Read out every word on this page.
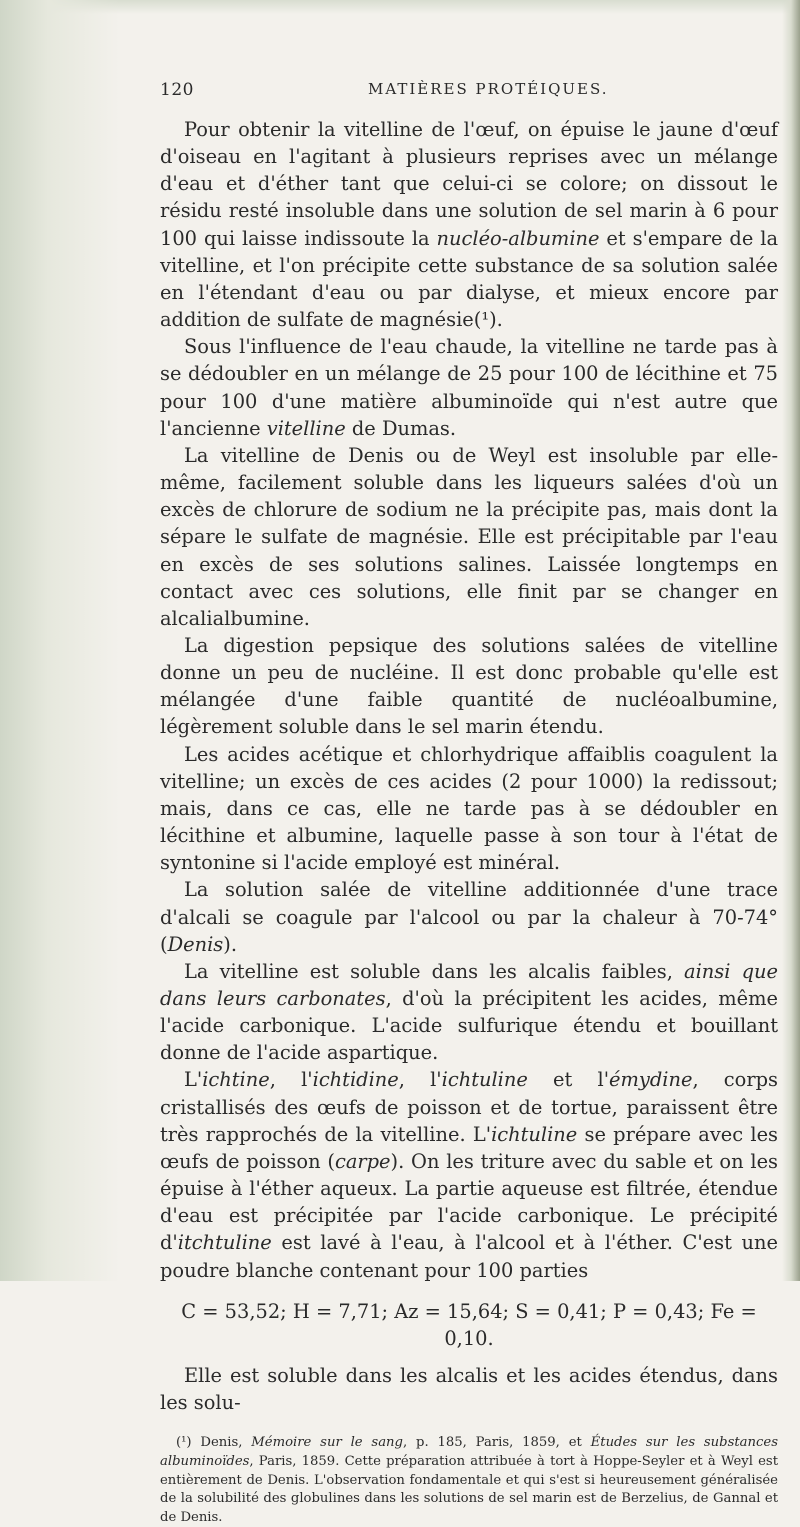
120	MATIÈRES PROTÉIQUES.

Pour obtenir la vitelline de l'œuf, on épuise le jaune d'œuf d'oiseau en l'agitant à plusieurs reprises avec un mélange d'eau et d'éther tant que celui-ci se colore; on dissout le résidu resté insoluble dans une solution de sel marin à 6 pour 100 qui laisse indissoute la nucléo-albumine et s'empare de la vitelline, et l'on précipite cette substance de sa solution salée en l'étendant d'eau ou par dialyse, et mieux encore par addition de sulfate de magnésie(¹).

Sous l'influence de l'eau chaude, la vitelline ne tarde pas à se dédoubler en un mélange de 25 pour 100 de lécithine et 75 pour 100 d'une matière albuminoïde qui n'est autre que l'ancienne vitelline de Dumas.

La vitelline de Denis ou de Weyl est insoluble par elle-même, facilement soluble dans les liqueurs salées d'où un excès de chlorure de sodium ne la précipite pas, mais dont la sépare le sulfate de magnésie. Elle est précipitable par l'eau en excès de ses solutions salines. Laissée longtemps en contact avec ces solutions, elle finit par se changer en alcalialbumine.

La digestion pepsique des solutions salées de vitelline donne un peu de nucléine. Il est donc probable qu'elle est mélangée d'une faible quantité de nucléoalbumine, légèrement soluble dans le sel marin étendu.

Les acides acétique et chlorhydrique affaiblis coagulent la vitelline; un excès de ces acides (2 pour 1000) la redissout; mais, dans ce cas, elle ne tarde pas à se dédoubler en lécithine et albumine, laquelle passe à son tour à l'état de syntonine si l'acide employé est minéral.

La solution salée de vitelline additionnée d'une trace d'alcali se coagule par l'alcool ou par la chaleur à 70-74° (Denis).

La vitelline est soluble dans les alcalis faibles, ainsi que dans leurs carbonates, d'où la précipitent les acides, même l'acide carbonique. L'acide sulfurique étendu et bouillant donne de l'acide aspartique.

L'ichtine, l'ichtidine, l'ichtuline et l'émydine, corps cristallisés des œufs de poisson et de tortue, paraissent être très rapprochés de la vitelline. L'ichtuline se prépare avec les œufs de poisson (carpe). On les triture avec du sable et on les épuise à l'éther aqueux. La partie aqueuse est filtrée, étendue d'eau est précipitée par l'acide carbonique. Le précipité d'itchtuline est lavé à l'eau, à l'alcool et à l'éther. C'est une poudre blanche contenant pour 100 parties

C = 53,52; H = 7,71; Az = 15,64; S = 0,41; P = 0,43; Fe = 0,10.

Elle est soluble dans les alcalis et les acides étendus, dans les solu-

(¹) Denis, Mémoire sur le sang, p. 185, Paris, 1859, et Études sur les substances albuminoïdes, Paris, 1859. Cette préparation attribuée à tort à Hoppe-Seyler et à Weyl est entièrement de Denis. L'observation fondamentale et qui s'est si heureusement généralisée de la solubilité des globulines dans les solutions de sel marin est de Berzelius, de Gannal et de Denis.
